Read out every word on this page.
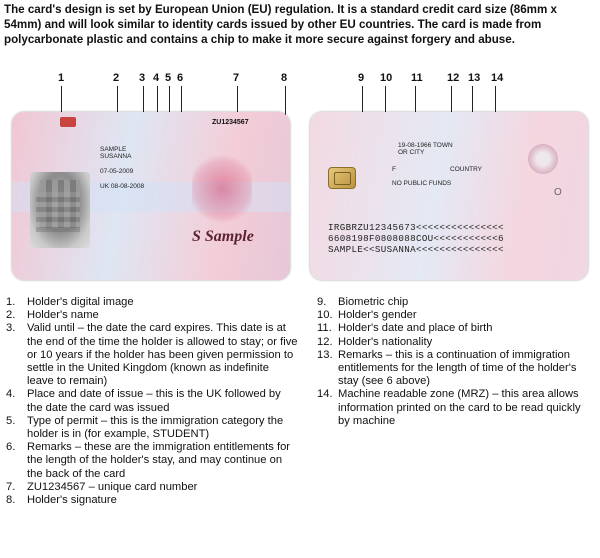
The card's design is set by European Union (EU) regulation. It is a standard credit card size (86mm x 54mm) and will look similar to identity cards issued by other EU countries. The card is made from polycarbonate plastic and contains a chip to make it more secure against forgery and abuse.
1	2 3 4 5 6	7	8	9 10 11 12 13 14
ZU1234567
SAMPLE
SUSANNA
07-05-2009
UK 08-08-2008
S Sample
19-08-1966 TOWN OR CITY
F	COUNTRY
NO PUBLIC FUNDS
O
IRGBRZU12345673<<<<<<<<<<<<<<<
6608198F0808088COU<<<<<<<<<<<6
SAMPLE<<SUSANNA<<<<<<<<<<<<<<<
1.	Holder's digital image
2.	Holder's name
3.	Valid until – the date the card expires. This date is at the end of the time the holder is allowed to stay; or five or 10 years if the holder has been given permission to settle in the United Kingdom (known as indefinite leave to remain)
4.	Place and date of issue – this is the UK followed by the date the card was issued
5.	Type of permit – this is the immigration category the holder is in (for example, STUDENT)
6.	Remarks – these are the immigration entitlements for the length of the holder's stay, and may continue on the back of the card
7.	ZU1234567 – unique card number
8.	Holder's signature
9.	Biometric chip
10. Holder's gender
11. Holder's date and place of birth
12. Holder's nationality
13. Remarks – this is a continuation of immigration entitlements for the length of time of the holder's stay (see 6 above)
14. Machine readable zone (MRZ) – this area allows information printed on the card to be read quickly by machine
